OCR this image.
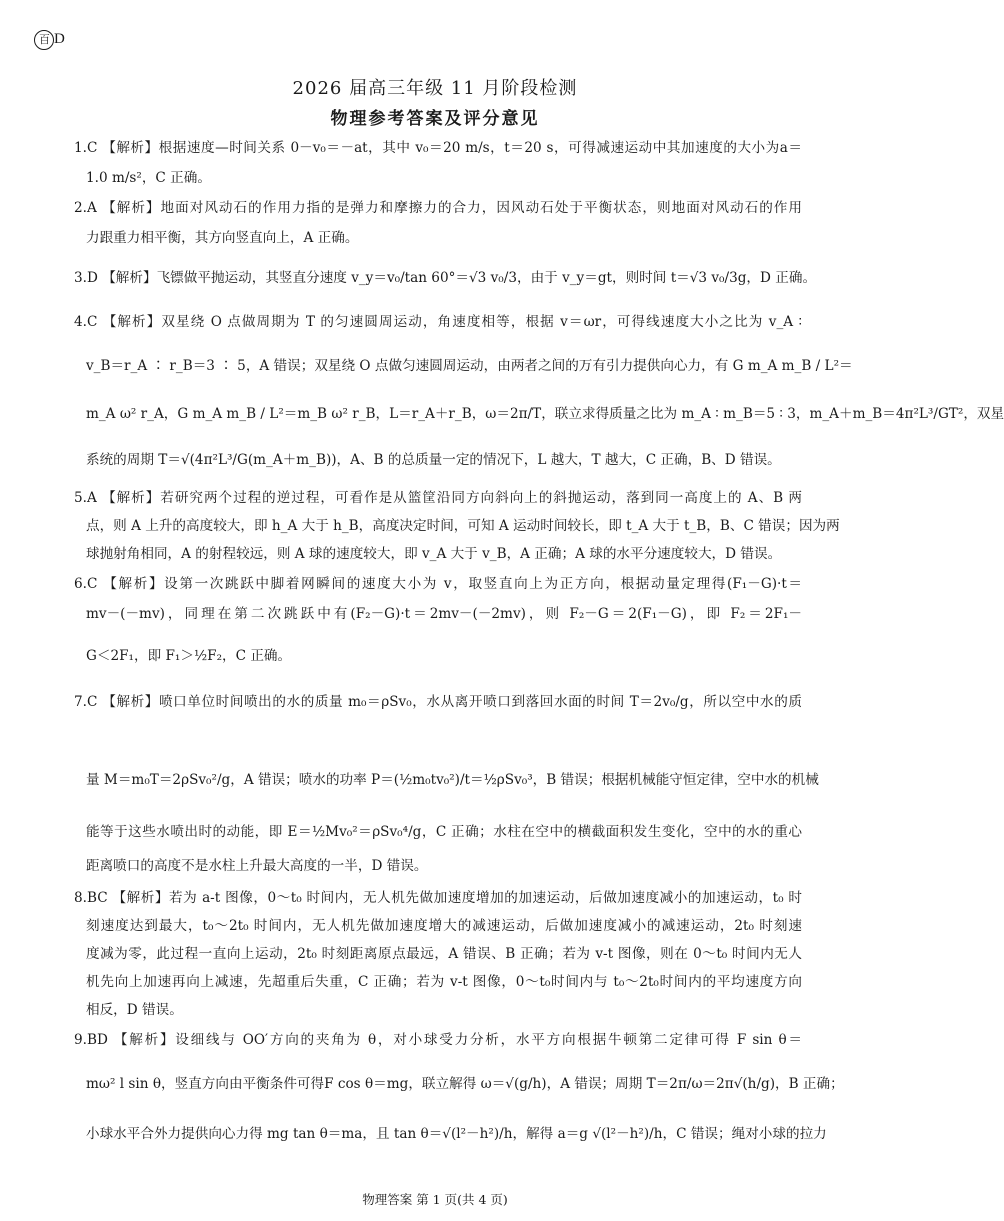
百 D
2026 届高三年级 11 月阶段检测
物理参考答案及评分意见
1.C 【解析】根据速度—时间关系 0－v₀＝－at，其中 v₀＝20 m/s，t＝20 s，可得减速运动中其加速度的大小为a＝
1.0 m/s²，C 正确。
2.A 【解析】地面对风动石的作用力指的是弹力和摩擦力的合力，因风动石处于平衡状态，则地面对风动石的作用
力跟重力相平衡，其方向竖直向上，A 正确。
3.D 【解析】飞镖做平抛运动，其竖直分速度 v_y＝v₀/tan 60°＝√3 v₀/3，由于 v_y＝gt，则时间 t＝√3 v₀/3g，D 正确。
4.C 【解析】双星绕 O 点做周期为 T 的匀速圆周运动，角速度相等，根据 v＝ωr，可得线速度大小之比为 v_A ∶
v_B＝r_A ∶ r_B＝3 ∶ 5，A 错误；双星绕 O 点做匀速圆周运动，由两者之间的万有引力提供向心力，有 G m_A m_B / L²＝
m_A ω² r_A，G m_A m_B / L²＝m_B ω² r_B，L＝r_A＋r_B，ω＝2π/T，联立求得质量之比为 m_A ∶ m_B＝5 ∶ 3，m_A＋m_B＝4π²L³/GT²，双星
系统的周期 T＝√(4π²L³/G(m_A＋m_B))，A、B 的总质量一定的情况下，L 越大，T 越大，C 正确，B、D 错误。
5.A 【解析】若研究两个过程的逆过程，可看作是从篮筐沿同方向斜向上的斜抛运动，落到同一高度上的 A、B 两
点，则 A 上升的高度较大，即 h_A 大于 h_B，高度决定时间，可知 A 运动时间较长，即 t_A 大于 t_B，B、C 错误；因为两
球抛射角相同，A 的射程较远，则 A 球的速度较大，即 v_A 大于 v_B，A 正确；A 球的水平分速度较大，D 错误。
6.C 【解析】设第一次跳跃中脚着网瞬间的速度大小为 v，取竖直向上为正方向，根据动量定理得(F₁－G)·t＝
mv－(－mv)，同理在第二次跳跃中有(F₂－G)·t＝2mv－(－2mv)，则 F₂－G＝2(F₁－G)，即 F₂＝2F₁－
G＜2F₁，即 F₁＞½F₂，C 正确。
7.C 【解析】喷口单位时间喷出的水的质量 m₀＝ρSv₀，水从离开喷口到落回水面的时间 T＝2v₀/g，所以空中水的质
量 M＝m₀T＝2ρSv₀²/g，A 错误；喷水的功率 P＝(½m₀tv₀²)/t＝½ρSv₀³，B 错误；根据机械能守恒定律，空中水的机械
能等于这些水喷出时的动能，即 E＝½Mv₀²＝ρSv₀⁴/g，C 正确；水柱在空中的横截面积发生变化，空中的水的重心
距离喷口的高度不是水柱上升最大高度的一半，D 错误。
8.BC 【解析】若为 a-t 图像，0～t₀ 时间内，无人机先做加速度增加的加速运动，后做加速度减小的加速运动，t₀ 时
刻速度达到最大，t₀～2t₀ 时间内，无人机先做加速度增大的减速运动，后做加速度减小的减速运动，2t₀ 时刻速
度减为零，此过程一直向上运动，2t₀ 时刻距离原点最远，A 错误、B 正确；若为 v-t 图像，则在 0～t₀ 时间内无人
机先向上加速再向上减速，先超重后失重，C 正确；若为 v-t 图像，0～t₀时间内与 t₀～2t₀时间内的平均速度方向
相反，D 错误。
9.BD 【解析】设细线与 OO′方向的夹角为 θ，对小球受力分析，水平方向根据牛顿第二定律可得 F sin θ＝
mω² l sin θ，竖直方向由平衡条件可得F cos θ＝mg，联立解得 ω＝√(g/h)，A 错误；周期 T＝2π/ω＝2π√(h/g)，B 正确；
小球水平合外力提供向心力得 mg tan θ＝ma，且 tan θ＝√(l²－h²)/h，解得 a＝g √(l²－h²)/h，C 错误；绳对小球的拉力
物理答案 第 1 页(共 4 页)
